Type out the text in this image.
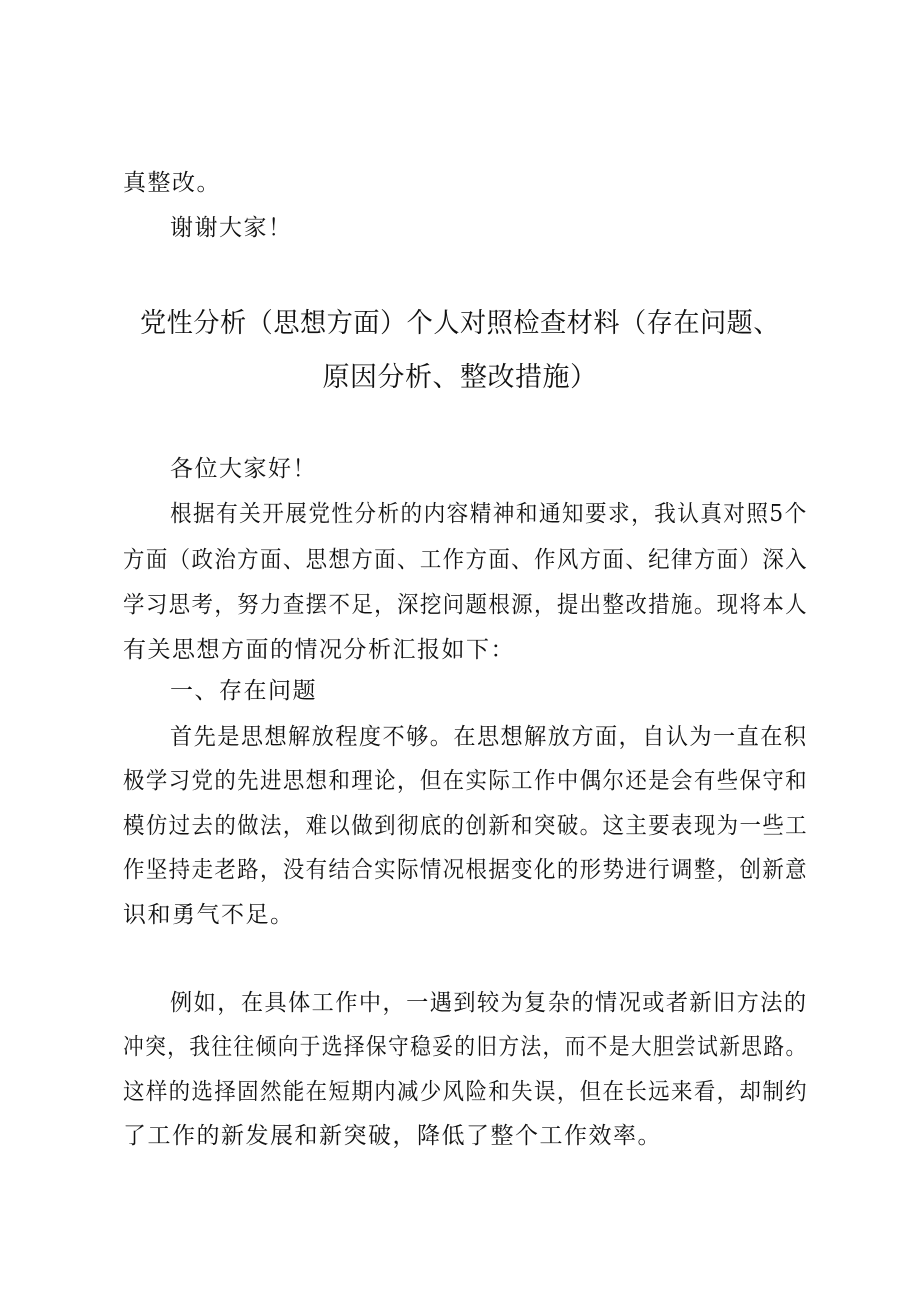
真整改。
谢谢大家！
党性分析（思想方面）个人对照检查材料（存在问题、
原因分析、整改措施）
各位大家好！
根据有关开展党性分析的内容精神和通知要求，我认真对照5个
方面（政治方面、思想方面、工作方面、作风方面、纪律方面）深入
学习思考，努力查摆不足，深挖问题根源，提出整改措施。现将本人
有关思想方面的情况分析汇报如下：
一、存在问题
首先是思想解放程度不够。在思想解放方面，自认为一直在积
极学习党的先进思想和理论，但在实际工作中偶尔还是会有些保守和
模仿过去的做法，难以做到彻底的创新和突破。这主要表现为一些工
作坚持走老路，没有结合实际情况根据变化的形势进行调整，创新意
识和勇气不足。
例如，在具体工作中，一遇到较为复杂的情况或者新旧方法的
冲突，我往往倾向于选择保守稳妥的旧方法，而不是大胆尝试新思路。
这样的选择固然能在短期内减少风险和失误，但在长远来看，却制约
了工作的新发展和新突破，降低了整个工作效率。
